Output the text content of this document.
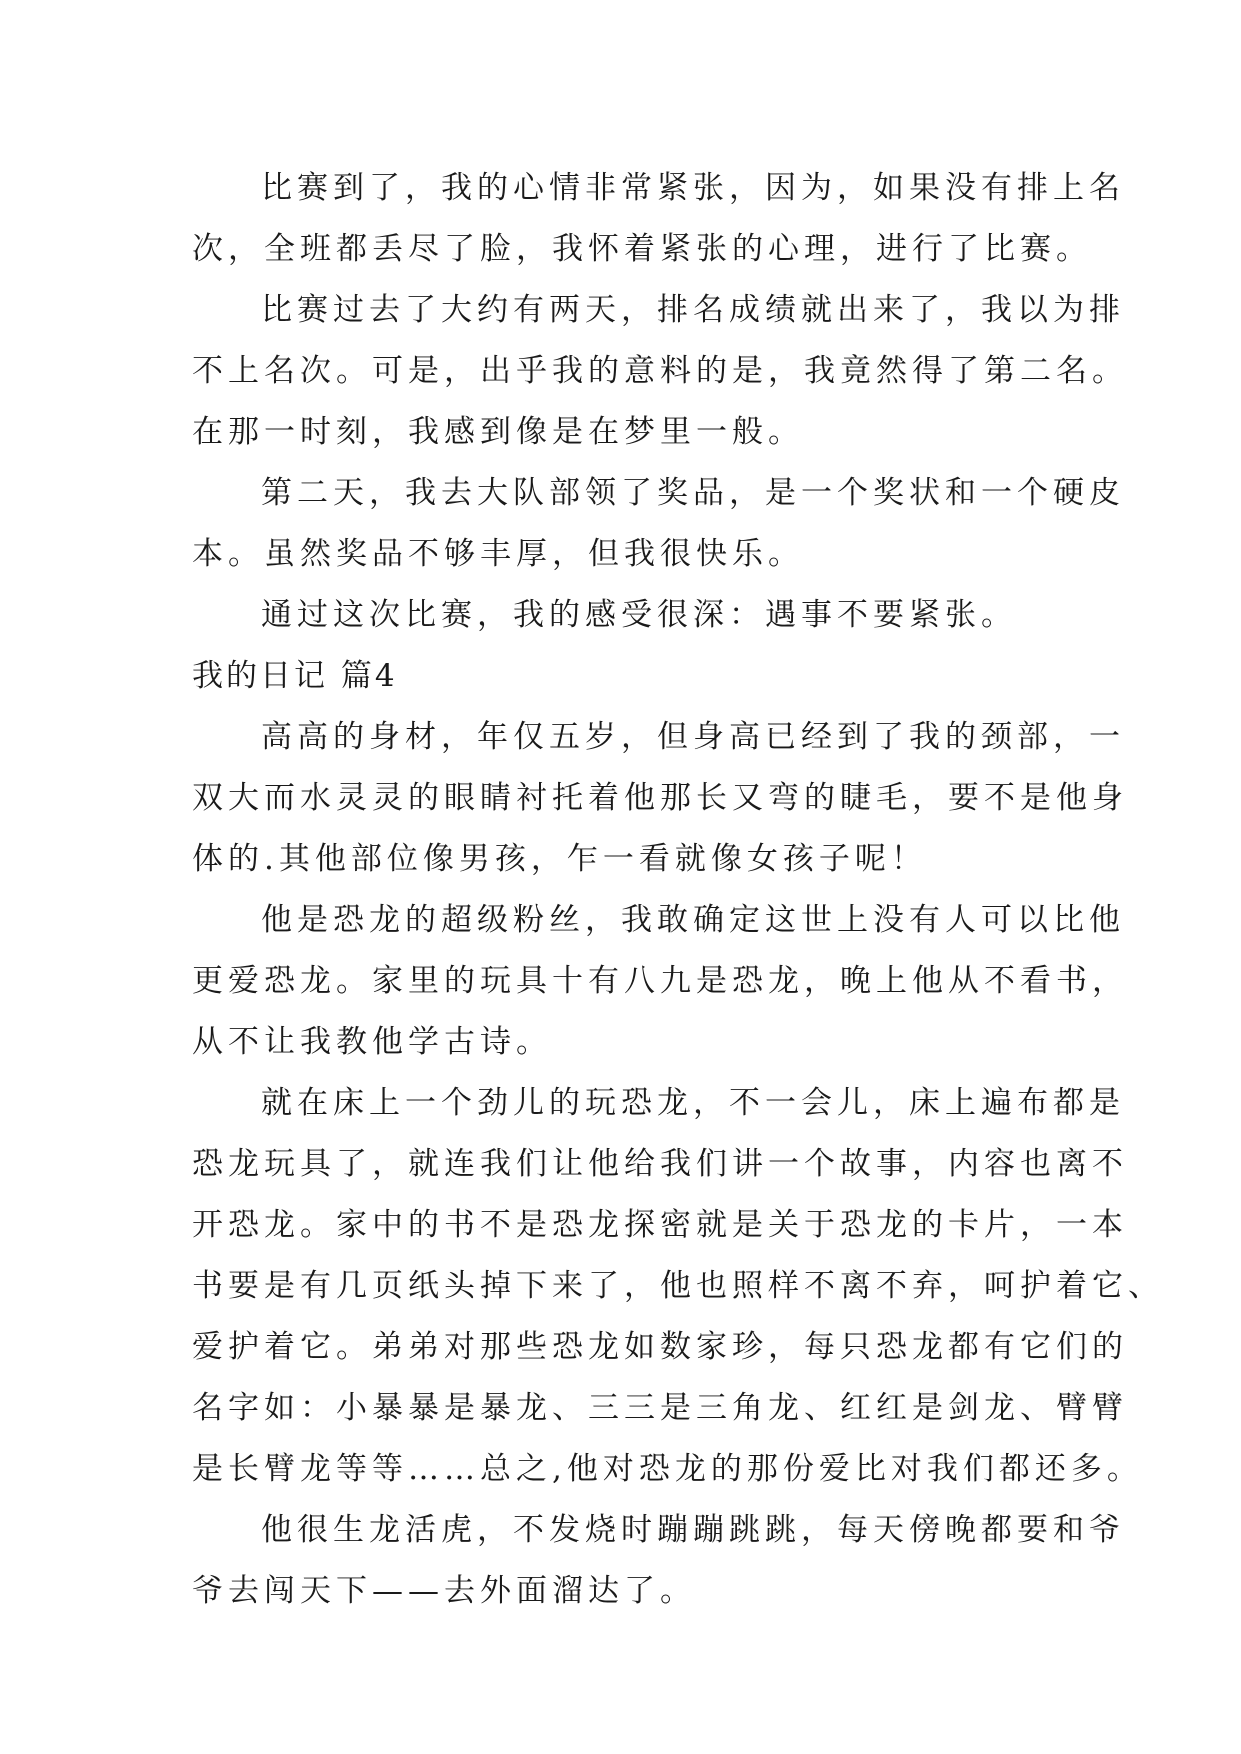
比赛到了，我的心情非常紧张，因为，如果没有排上名
次，全班都丢尽了脸，我怀着紧张的心理，进行了比赛。
比赛过去了大约有两天，排名成绩就出来了，我以为排
不上名次。可是，出乎我的意料的是，我竟然得了第二名。
在那一时刻，我感到像是在梦里一般。
第二天，我去大队部领了奖品，是一个奖状和一个硬皮
本。虽然奖品不够丰厚，但我很快乐。
通过这次比赛，我的感受很深：遇事不要紧张。
我的日记 篇4
高高的身材，年仅五岁，但身高已经到了我的颈部，一
双大而水灵灵的眼睛衬托着他那长又弯的睫毛，要不是他身
体的.其他部位像男孩，乍一看就像女孩子呢！
他是恐龙的超级粉丝，我敢确定这世上没有人可以比他
更爱恐龙。家里的玩具十有八九是恐龙，晚上他从不看书，
从不让我教他学古诗。
就在床上一个劲儿的玩恐龙，不一会儿，床上遍布都是
恐龙玩具了，就连我们让他给我们讲一个故事，内容也离不
开恐龙。家中的书不是恐龙探密就是关于恐龙的卡片，一本
书要是有几页纸头掉下来了，他也照样不离不弃，呵护着它、
爱护着它。弟弟对那些恐龙如数家珍，每只恐龙都有它们的
名字如：小暴暴是暴龙、三三是三角龙、红红是剑龙、臂臂
是长臂龙等等……总之,他对恐龙的那份爱比对我们都还多。
他很生龙活虎，不发烧时蹦蹦跳跳，每天傍晚都要和爷
爷去闯天下——去外面溜达了。
